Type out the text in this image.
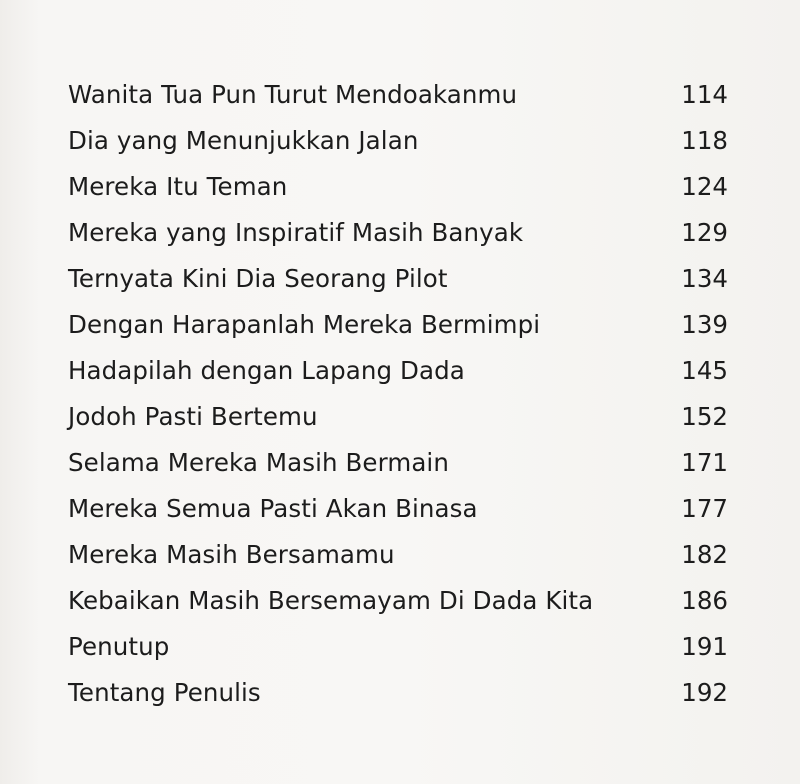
Wanita Tua Pun Turut Mendoakanmu	114
Dia yang Menunjukkan Jalan	118
Mereka Itu Teman	124
Mereka yang Inspiratif Masih Banyak	129
Ternyata Kini Dia Seorang Pilot	134
Dengan Harapanlah Mereka Bermimpi	139
Hadapilah dengan Lapang Dada	145
Jodoh Pasti Bertemu	152
Selama Mereka Masih Bermain	171
Mereka Semua Pasti Akan Binasa	177
Mereka Masih Bersamamu	182
Kebaikan Masih Bersemayam Di Dada Kita	186
Penutup	191
Tentang Penulis	192
